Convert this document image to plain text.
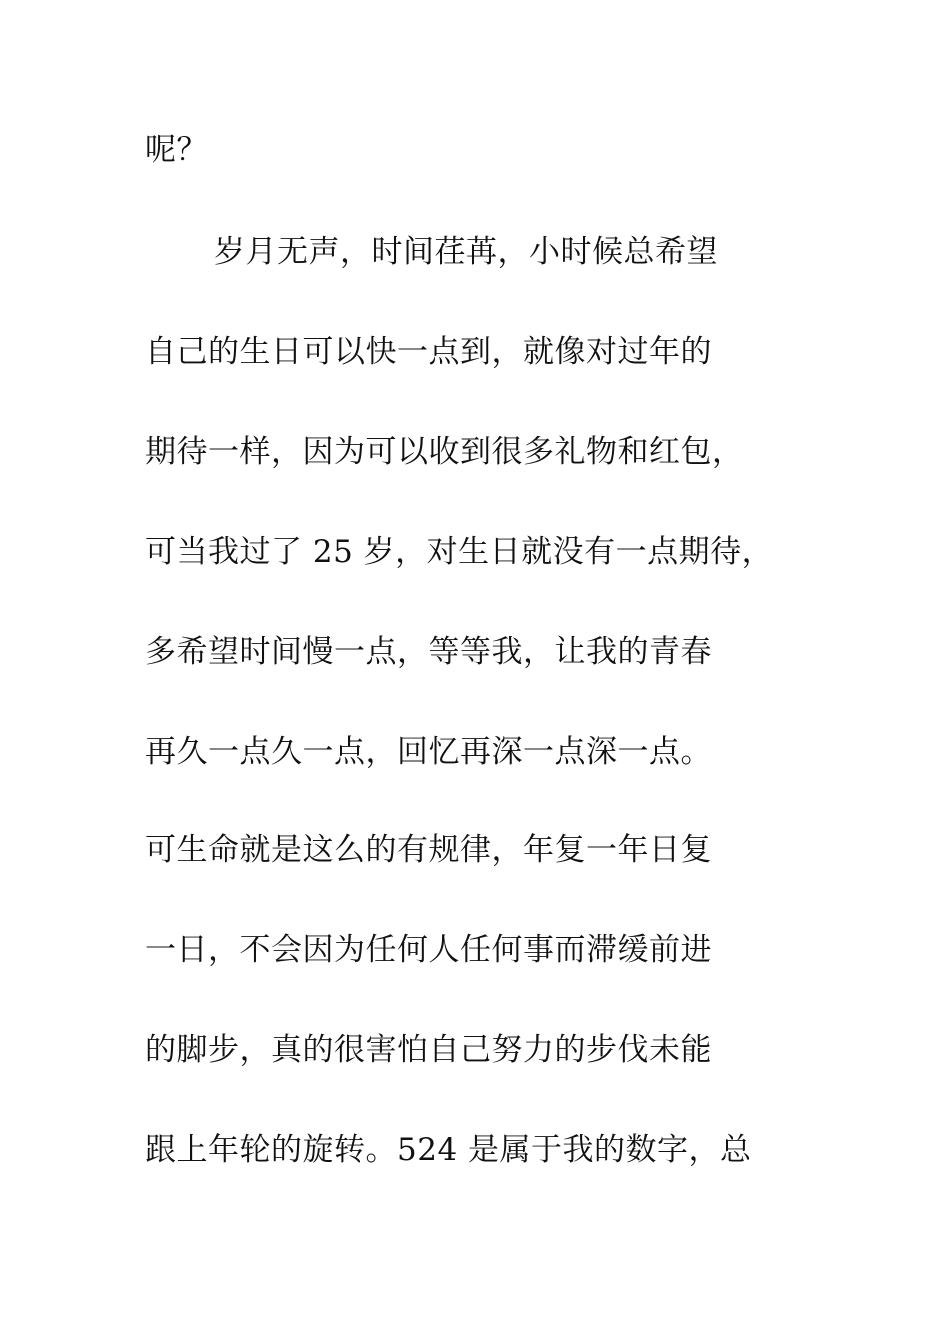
呢？
岁月无声，时间荏苒，小时候总希望
自己的生日可以快一点到，就像对过年的
期待一样，因为可以收到很多礼物和红包，
可当我过了 25 岁，对生日就没有一点期待，
多希望时间慢一点，等等我，让我的青春
再久一点久一点，回忆再深一点深一点。
可生命就是这么的有规律，年复一年日复
一日，不会因为任何人任何事而滞缓前进
的脚步，真的很害怕自己努力的步伐未能
跟上年轮的旋转。524 是属于我的数字，总
